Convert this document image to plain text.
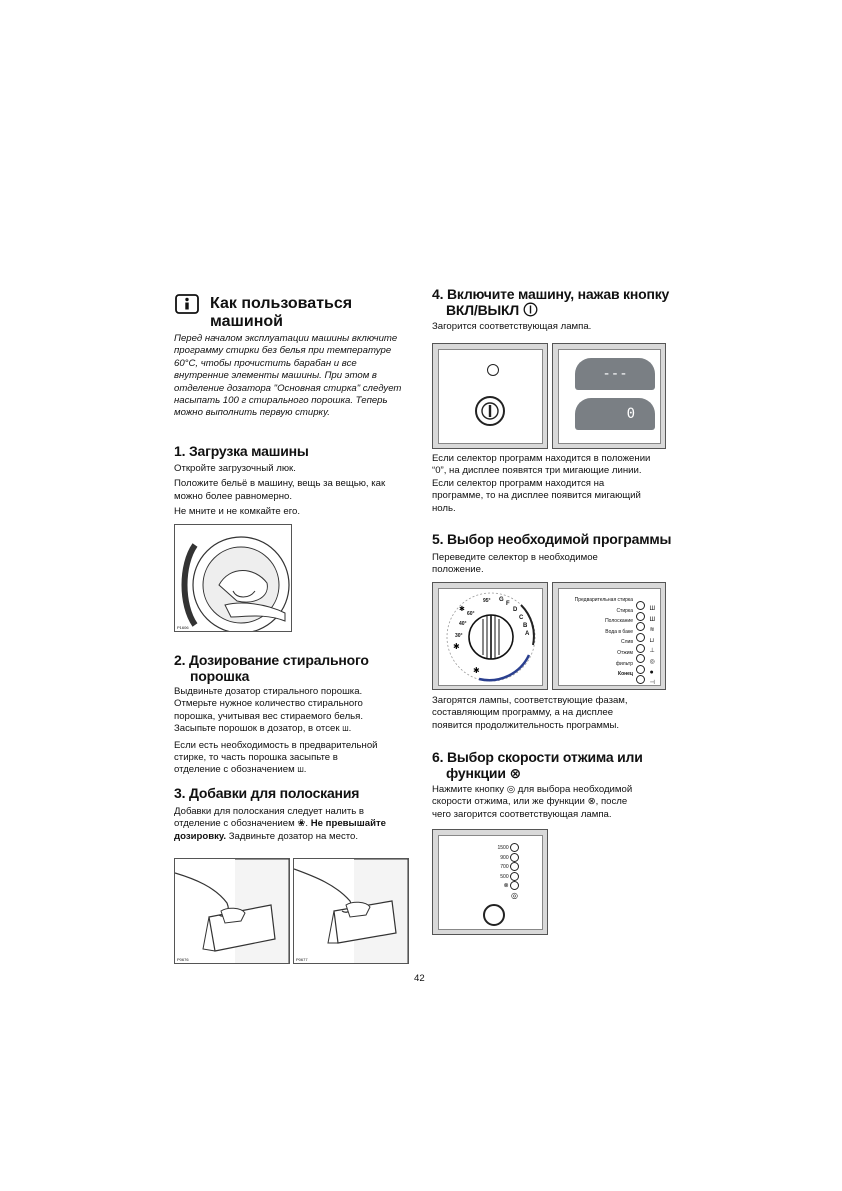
Как пользоваться
машиной
Перед началом эксплуатации машины включите
программу стирки без белья при температуре
60°С, чтобы прочистить барабан и все
внутренние элементы машины. При этом в
отделение дозатора "Основная стирка" следует
насыпать 100 г стирального порошка. Теперь
можно выполнить первую стирку.
1. Загрузка машины
Откройте загрузочный люк.
Положите бельё в машину, вещь за вещью, как
можно более равномерно.
Не мните и не комкайте его.
P1606
2. Дозирование стирального
порошка
Выдвиньте дозатор стирального порошка.
Отмерьте нужное количество стирального
порошка, учитывая вес стираемого белья.
Засыпьте порошок в дозатор, в отсек Ш.
Если есть необходимость в предварительной
стирке, то часть порошка засыпьте в
отделение с обозначением Ш.
3. Добавки для полоскания
Добавки для полоскания следует налить в
отделение с обозначением ❀. Не превышайте
дозировку. Задвиньте дозатор на место.
P0676	P0677
4. Включите машину, нажав кнопку
ВКЛ/ВЫКЛ
Загорится соответствующая лампа.
---
0
Если селектор программ находится в положении
“0”, на дисплее появятся три мигающие линии.
Если селектор программ находится на
программе, то на дисплее появится мигающий
ноль.
5. Выбор необходимой программы
Переведите селектор в необходимое
положение.
✱
✱
✱
G
F
D
C
B
A
95°
60°
40°
30°
Предварительная стирка
Стирка
Полоскание
Вода в баке
Слив
Отжим
фильтр
Конец
Ш
Ш
≋
⊔
⊥
◎
●
⊣
Загорятся лампы, соответствующие фазам,
составляющим программу, а на дисплее
появится продолжительность программы.
6. Выбор скорости отжима или
функции ⊗
Нажмите кнопку ◎ для выбора необходимой
скорости отжима, или же функции ⊗, после
чего загорится соответствующая лампа.
1500
900
700
500
⊗
◎
42
